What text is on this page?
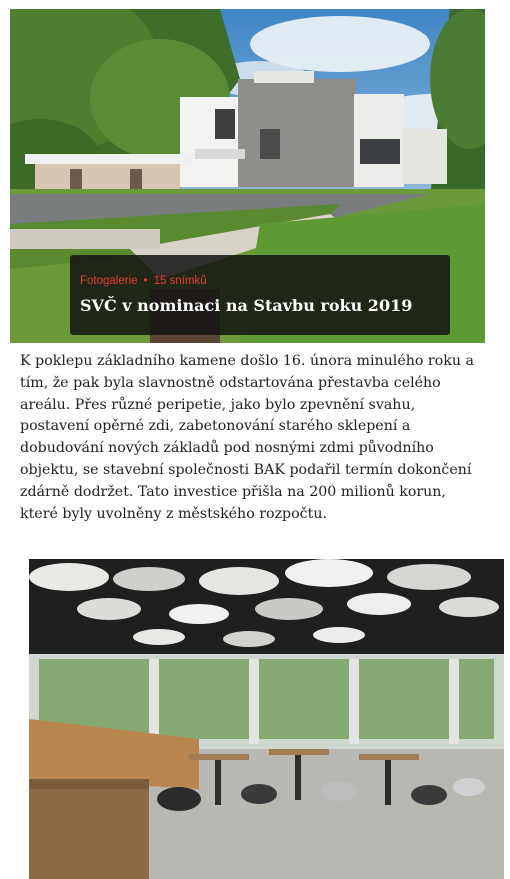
Fotogalerie • 15 snímků
SVČ v nominaci na Stavbu roku 2019

K poklepu základního kamene došlo 16. února minulého roku a tím, že pak byla slavnostně odstartována přestavba celého areálu. Přes různé peripetie, jako bylo zpevnění svahu, postavení opěrné zdi, zabetonování starého sklepení a dobudování nových základů pod nosnými zdmi původního objektu, se stavební společnosti BAK podařil termín dokončení zdárně dodržet. Tato investice přišla na 200 milionů korun, které byly uvolněny z městského rozpočtu.
